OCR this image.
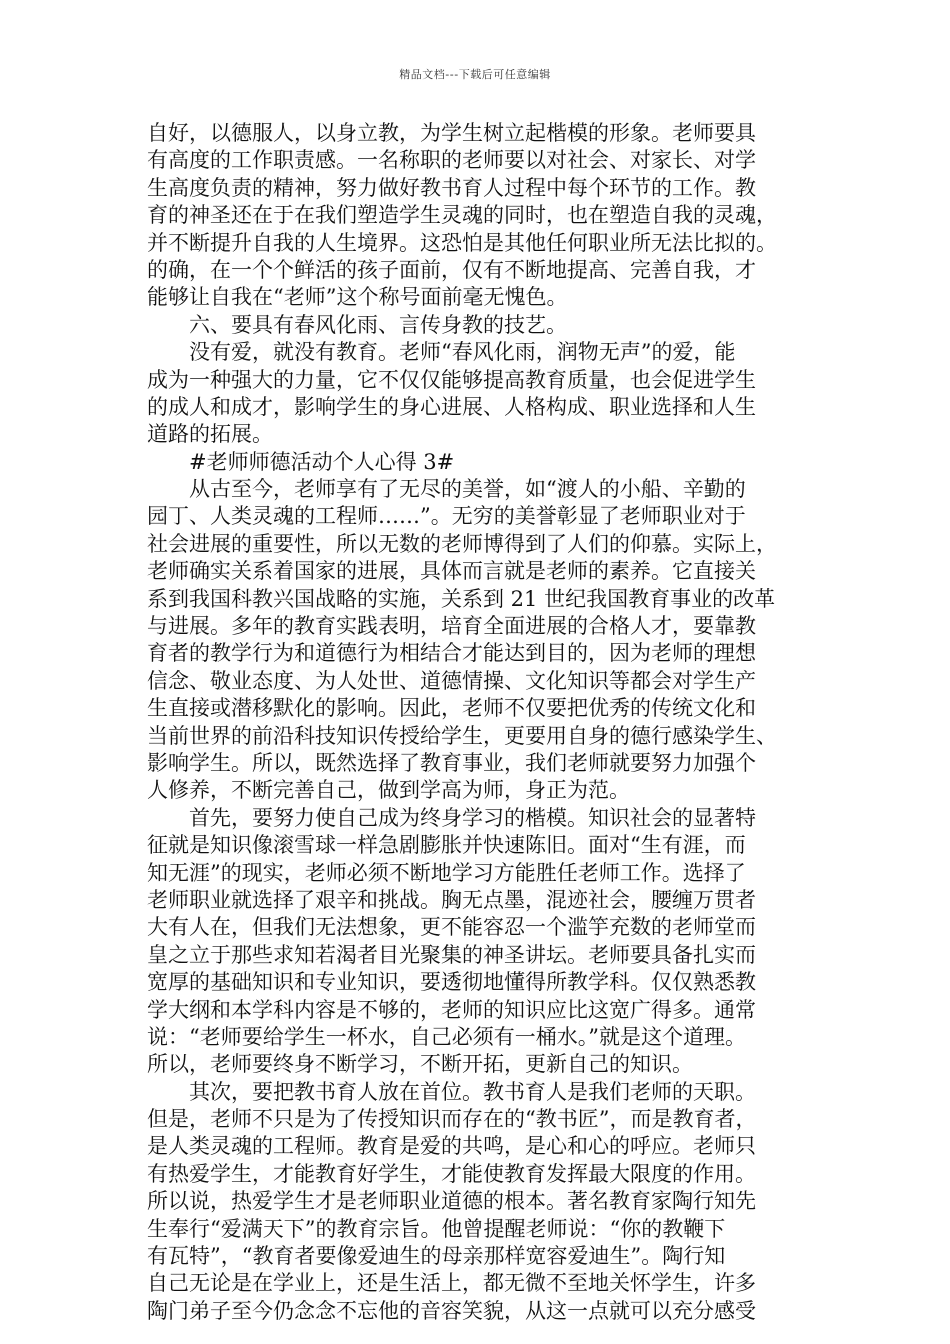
精品文档---下载后可任意编辑
自好，以德服人，以身立教，为学生树立起楷模的形象。老师要具
有高度的工作职责感。一名称职的老师要以对社会、对家长、对学
生高度负责的精神，努力做好教书育人过程中每个环节的工作。教
育的神圣还在于在我们塑造学生灵魂的同时，也在塑造自我的灵魂，
并不断提升自我的人生境界。这恐怕是其他任何职业所无法比拟的。
的确，在一个个鲜活的孩子面前，仅有不断地提高、完善自我，才
能够让自我在“老师”这个称号面前毫无愧色。
六、要具有春风化雨、言传身教的技艺。
没有爱，就没有教育。老师“春风化雨，润物无声”的爱，能
成为一种强大的力量，它不仅仅能够提高教育质量，也会促进学生
的成人和成才，影响学生的身心进展、人格构成、职业选择和人生
道路的拓展。
#老师师德活动个人心得 3#
从古至今，老师享有了无尽的美誉，如“渡人的小船、辛勤的
园丁、人类灵魂的工程师……”。无穷的美誉彰显了老师职业对于
社会进展的重要性，所以无数的老师博得到了人们的仰慕。实际上，
老师确实关系着国家的进展，具体而言就是老师的素养。它直接关
系到我国科教兴国战略的实施，关系到 21 世纪我国教育事业的改革
与进展。多年的教育实践表明，培育全面进展的合格人才，要靠教
育者的教学行为和道德行为相结合才能达到目的，因为老师的理想
信念、敬业态度、为人处世、道德情操、文化知识等都会对学生产
生直接或潜移默化的影响。因此，老师不仅要把优秀的传统文化和
当前世界的前沿科技知识传授给学生，更要用自身的德行感染学生、
影响学生。所以，既然选择了教育事业，我们老师就要努力加强个
人修养，不断完善自己，做到学高为师，身正为范。
首先，要努力使自己成为终身学习的楷模。知识社会的显著特
征就是知识像滚雪球一样急剧膨胀并快速陈旧。面对“生有涯，而
知无涯”的现实，老师必须不断地学习方能胜任老师工作。选择了
老师职业就选择了艰辛和挑战。胸无点墨，混迹社会，腰缠万贯者
大有人在，但我们无法想象，更不能容忍一个滥竽充数的老师堂而
皇之立于那些求知若渴者目光聚集的神圣讲坛。老师要具备扎实而
宽厚的基础知识和专业知识，要透彻地懂得所教学科。仅仅熟悉教
学大纲和本学科内容是不够的，老师的知识应比这宽广得多。通常
说：“老师要给学生一杯水，自己必须有一桶水。”就是这个道理。
所以，老师要终身不断学习，不断开拓，更新自己的知识。
其次，要把教书育人放在首位。教书育人是我们老师的天职。
但是，老师不只是为了传授知识而存在的“教书匠”，而是教育者，
是人类灵魂的工程师。教育是爱的共鸣，是心和心的呼应。老师只
有热爱学生，才能教育好学生，才能使教育发挥最大限度的作用。
所以说，热爱学生才是老师职业道德的根本。著名教育家陶行知先
生奉行“爱满天下”的教育宗旨。他曾提醒老师说：“你的教鞭下
有瓦特”，“教育者要像爱迪生的母亲那样宽容爱迪生”。陶行知
自己无论是在学业上，还是生活上，都无微不至地关怀学生，许多
陶门弟子至今仍念念不忘他的音容笑貌，从这一点就可以充分感受
